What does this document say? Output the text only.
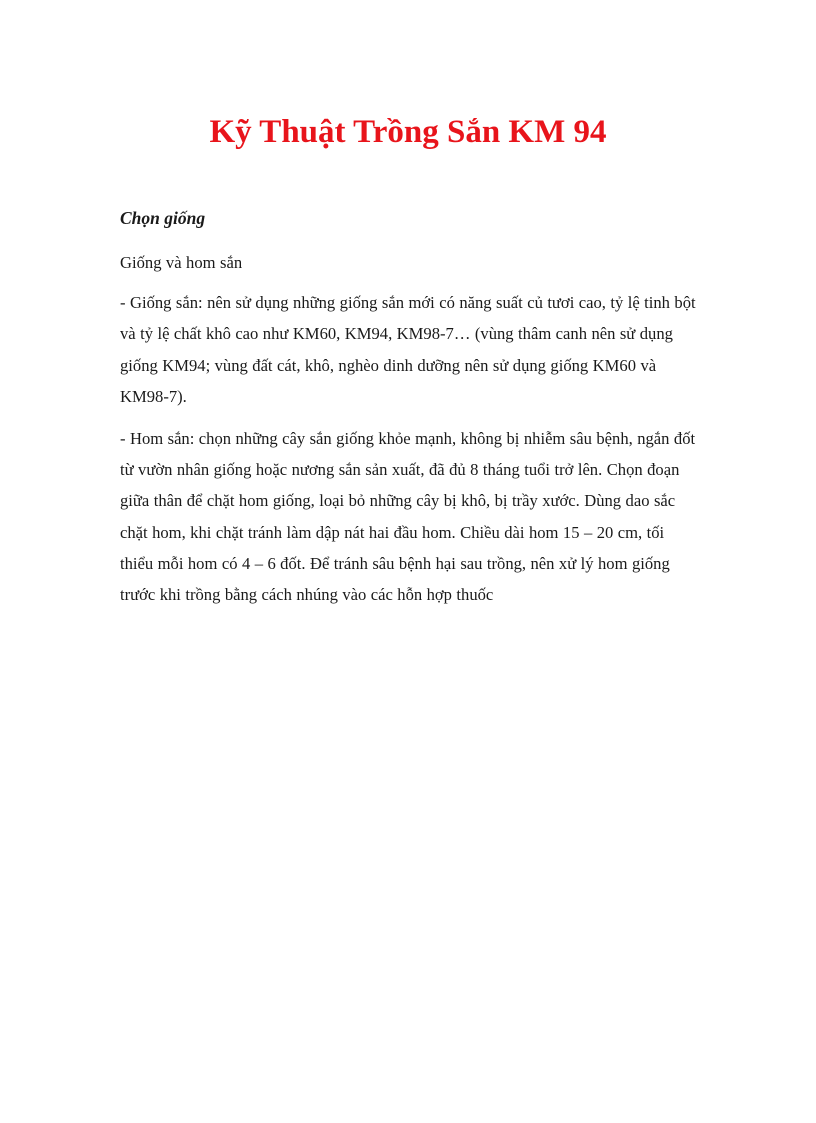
Kỹ Thuật Trồng Sắn KM 94
Chọn giống

Giống và hom sắn

- Giống sắn: nên sử dụng những giống sắn mới có năng suất củ tươi cao, tỷ lệ tinh bột và tỷ lệ chất khô cao như KM60, KM94, KM98-7… (vùng thâm canh nên sử dụng giống KM94; vùng đất cát, khô, nghèo dinh dưỡng nên sử dụng giống KM60 và KM98-7).

- Hom sắn: chọn những cây sắn giống khỏe mạnh, không bị nhiễm sâu bệnh, ngắn đốt từ vườn nhân giống hoặc nương sắn sản xuất, đã đủ 8 tháng tuổi trở lên. Chọn đoạn giữa thân để chặt hom giống, loại bỏ những cây bị khô, bị trầy xước. Dùng dao sắc chặt hom, khi chặt tránh làm dập nát hai đầu hom. Chiều dài hom 15 – 20 cm, tối thiểu mỗi hom có 4 – 6 đốt. Để tránh sâu bệnh hại sau trồng, nên xử lý hom giống trước khi trồng bằng cách nhúng vào các hỗn hợp thuốc
